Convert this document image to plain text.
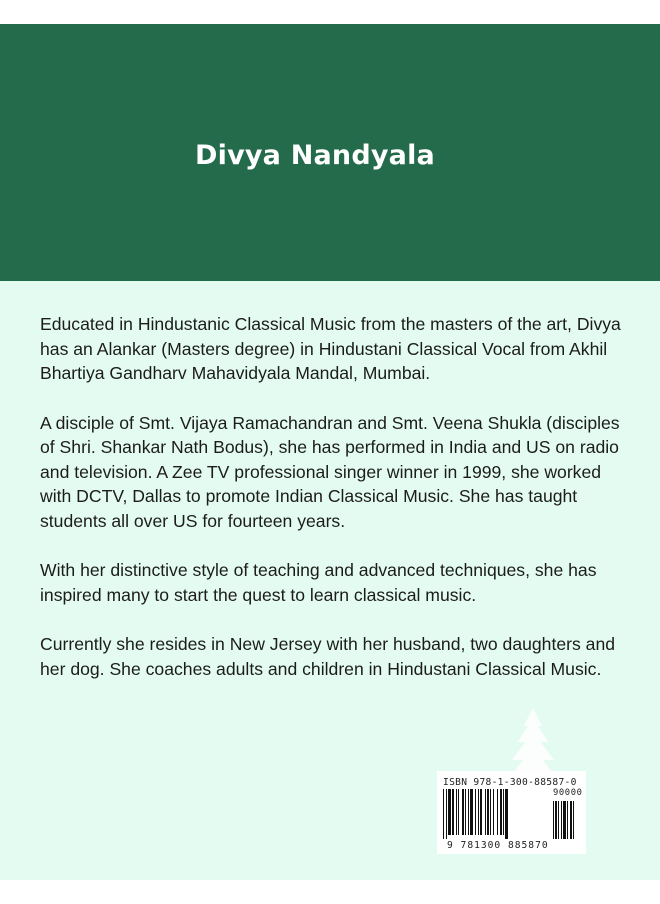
Divya Nandyala

Educated in Hindustanic Classical Music from the masters of the art, Divya has an Alankar (Masters degree) in Hindustani Classical Vocal from Akhil Bhartiya Gandharv Mahavidyala Mandal, Mumbai.

A disciple of Smt. Vijaya Ramachandran and Smt. Veena Shukla (disciples of Shri. Shankar Nath Bodus), she has performed in India and US on radio and television. A Zee TV professional singer winner in 1999, she worked with DCTV, Dallas to promote Indian Classical Music. She has taught students all over US for fourteen years.

With her distinctive style of teaching and advanced techniques, she has inspired many to start the quest to learn classical music.

Currently she resides in New Jersey with her husband, two daughters and her dog. She coaches adults and children in Hindustani Classical Music.

ISBN 978-1-300-88587-0
90000
9 781300 885870
